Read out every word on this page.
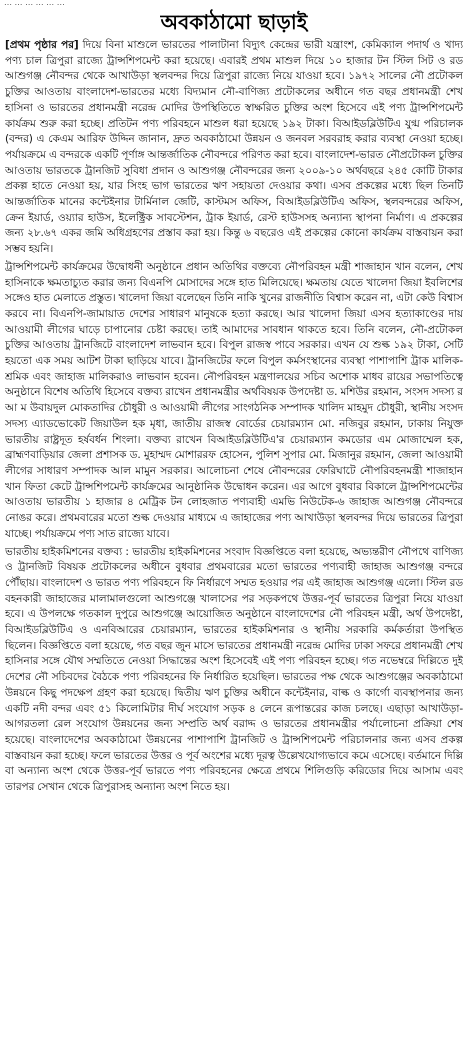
… … … … … …
অবকাঠামো ছাড়াই

[প্রথম পৃষ্ঠার পর] দিয়ে বিনা মাশুলে ভারতের পালাটানা বিদ্যুৎ কেন্দ্রের ভারী যন্ত্রাংশ, কেমিক্যাল পদার্থ ও খাদ্য পণ্য চাল ত্রিপুরা রাজ্যে ট্রান্সশিপমেন্ট করা হয়েছে। এবারই প্রথম মাশুল দিয়ে ১০ হাজার টন স্টিল সিট ও রড আশুগঞ্জ নৌবন্দর থেকে আখাউড়া স্থলবন্দর দিয়ে ত্রিপুরা রাজ্যে নিয়ে যাওয়া হবে। ১৯৭২ সালের নৌ প্রটোকল চুক্তির আওতায় বাংলাদেশ-ভারতের মধ্যে বিদ্যমান নৌ-বাণিজ্য প্রটোকলের অধীনে গত বছর প্রধানমন্ত্রী শেখ হাসিনা ও ভারতের প্রধানমন্ত্রী নরেন্দ্র মোদির উপস্থিতিতে স্বাক্ষরিত চুক্তির অংশ হিসেবে এই পণ্য ট্রান্সশিপমেন্ট কার্যক্রম শুরু করা হচ্ছে। প্রতিটন পণ্য পরিবহনে মাশুল ধরা হয়েছে ১৯২ টাকা। বিআইডব্লিউটিএ যুগ্ম পরিচালক (বন্দর) এ কেএম আরিফ উদ্দিন জানান, দ্রুত অবকাঠামো উন্নয়ন ও জনবল সরবরাহ করার ব্যবস্থা নেওয়া হচ্ছে। পর্যায়ক্রমে এ বন্দরকে একটি পূর্ণাঙ্গ আন্তর্জাতিক নৌবন্দরে পরিণত করা হবে। বাংলাদেশ-ভারত নৌপ্রটোকল চুক্তির আওতায় ভারতকে ট্রানজিট সুবিধা প্রদান ও আশুগঞ্জ নৌবন্দরের জন্য ২০০৯-১০ অর্থবছরে ২৪৫ কোটি টাকার প্রকল্প হাতে নেওয়া হয়, যার সিংহ ভাগ ভারতের ঋণ সহায়তা দেওয়ার কথা। এসব প্রকল্পের মধ্যে ছিল তিনটি আন্তর্জাতিক মানের কন্টেইনার টার্মিনাল জেটি, কাস্টমস অফিস, বিআইডব্লিউটিএ অফিস, স্থলবন্দরের অফিস, ক্রেন ইয়ার্ড, ওয়্যার হাউস, ইলেক্ট্রিক সাবস্টেশন, ট্রাক ইয়ার্ড, রেস্ট হাউসসহ অন্যান্য স্থাপনা নির্মাণ। এ প্রকল্পের জন্য ২৮.৬৭ একর জমি অধিগ্রহণের প্রস্তাব করা হয়। কিন্তু ৬ বছরেও এই প্রকল্পের কোনো কার্যক্রম বাস্তবায়ন করা সম্ভব হয়নি।

ট্রান্সশিপমেন্ট কার্যক্রমের উদ্বোধনী অনুষ্ঠানে প্রধান অতিথির বক্তব্যে নৌপরিবহন মন্ত্রী শাজাহান খান বলেন, শেখ হাসিনাকে ক্ষমতাচ্যুত করার জন্য বিএনপি মোসাদের সঙ্গে হাত মিলিয়েছে। ক্ষমতায় যেতে খালেদা জিয়া ইবলিশের সঙ্গেও হাত মেলাতে প্রস্তুত। খালেদা জিয়া বলেছেন তিনি নাকি খুনের রাজনীতি বিশ্বাস করেন না, এটা কেউ বিশ্বাস করবে না। বিএনপি-জামায়াত দেশের সাধারণ মানুষকে হত্যা করছে। আর খালেদা জিয়া এসব হত্যাকাণ্ডের দায় আওয়ামী লীগের ঘাড়ে চাপানোর চেষ্টা করছে। তাই আমাদের সাবধান থাকতে হবে। তিনি বলেন, নৌ-প্রটোকল চুক্তির আওতায় ট্রানজিটে বাংলাদেশ লাভবান হবে। বিপুল রাজস্ব পাবে সরকার। এখন যে শুল্ক ১৯২ টাকা, সেটি হয়তো এক সময় আটশ টাকা ছাড়িয়ে যাবে। ট্রানজিটের ফলে বিপুল কর্মসংস্থানের ব্যবস্থা পাশাপাশি ট্রাক মালিক-শ্রমিক এবং জাহাজ মালিকরাও লাভবান হবেন। নৌপরিবহন মন্ত্রণালয়ের সচিব অশোক মাধব রায়ের সভাপতিত্বে অনুষ্ঠানে বিশেষ অতিথি হিসেবে বক্তব্য রাখেন প্রধানমন্ত্রীর অর্থবিষয়ক উপদেষ্টা ড. মশিউর রহমান, সংসদ সদস্য র আ ম উবায়দুল মোকতাদির চৌধুরী ও আওয়ামী লীগের সাংগঠনিক সম্পাদক খালিদ মাহমুদ চৌধুরী, স্থানীয় সংসদ সদস্য এ্যাডভোকেট জিয়াউল হক মৃধা, জাতীয় রাজস্ব বোর্ডের চেয়ারম্যান মো. নজিবুর রহমান, ঢাকায় নিযুক্ত ভারতীয় রাষ্ট্রদূত হর্ষবর্ধন শিংলা। বক্তব্য রাখেন বিআইডব্লিউটিএ'র চেয়ারম্যান কমডোর এম মোজাম্মেল হক, ব্রাহ্মণবাড়িয়ার জেলা প্রশাসক ড. মুহাম্মদ মোশাররফ হোসেন, পুলিশ সুপার মো. মিজানুর রহমান, জেলা আওয়ামী লীগের সাধারণ সম্পাদক আল মামুন সরকার। আলোচনা শেষে নৌবন্দরের ফেরিঘাটে নৌপরিবহনমন্ত্রী শাজাহান খান ফিতা কেটে ট্রান্সশিপমেন্ট কার্যক্রমের আনুষ্ঠানিক উদ্বোধন করেন। এর আগে বুধবার বিকালে ট্রান্সশিপমেন্টের আওতায় ভারতীয় ১ হাজার ৪ মেট্রিক টন লোহজাত পণ্যবাহী এমভি নিউটেক-৬ জাহাজ আশুগঞ্জ নৌবন্দরে নোঙর করে। প্রথমবারের মতো শুল্ক দেওয়ার মাধ্যমে এ জাহাজের পণ্য আখাউড়া স্থলবন্দর দিয়ে ভারতের ত্রিপুরা যাচ্ছে। পর্যায়ক্রমে পণ্য সাত রাজ্যে যাবে।

ভারতীয় হাইকমিশনের বক্তব্য : ভারতীয় হাইকমিশনের সংবাদ বিজ্ঞপ্তিতে বলা হয়েছে, অভ্যন্তরীণ নৌপথে বাণিজ্য ও ট্রানজিট বিষয়ক প্রটোকলের অধীনে বুধবার প্রথমবারের মতো ভারতের পণ্যবাহী জাহাজ আশুগঞ্জ বন্দরে পৌঁছায়। বাংলাদেশ ও ভারত পণ্য পরিবহনে ফি নির্ধারণে সম্মত হওয়ার পর এই জাহাজ আশুগঞ্জ এলো। স্টিল রড বহনকারী জাহাজের মালামালগুলো আশুগঞ্জে খালাসের পর সড়কপথে উত্তর-পূর্ব ভারতের ত্রিপুরা নিয়ে যাওয়া হবে। এ উপলক্ষে গতকাল দুপুরে আশুগঞ্জে আয়োজিত অনুষ্ঠানে বাংলাদেশের নৌ পরিবহন মন্ত্রী, অর্থ উপদেষ্টা, বিআইডব্লিউটিএ ও এনবিআরের চেয়ারম্যান, ভারতের হাইকমিশনার ও স্থানীয় সরকারি কর্মকর্তারা উপস্থিত ছিলেন। বিজ্ঞপ্তিতে বলা হয়েছে, গত বছর জুন মাসে ভারতের প্রধানমন্ত্রী নরেন্দ্র মোদির ঢাকা সফরে প্রধানমন্ত্রী শেখ হাসিনার সঙ্গে যৌথ সম্মতিতে নেওয়া সিদ্ধান্তের অংশ হিসেবেই এই পণ্য পরিবহন হচ্ছে। গত নভেম্বরে দিল্লিতে দুই দেশের নৌ সচিবদের বৈঠকে পণ্য পরিবহনের ফি নির্ধারিত হয়েছিল। ভারতের পক্ষ থেকে আশুগঞ্জের অবকাঠামো উন্নয়নে কিছু পদক্ষেপ গ্রহণ করা হয়েছে। দ্বিতীয় ঋণ চুক্তির অধীনে কন্টেইনার, বাল্ক ও কার্গো ব্যবস্থাপনার জন্য একটি নদী বন্দর এবং ৫১ কিলোমিটার দীর্ঘ সংযোগ সড়ক ৪ লেনে রূপান্তরের কাজ চলছে। এছাড়া আখাউড়া-আগরতলা রেল সংযোগ উন্নয়নের জন্য সম্প্রতি অর্থ বরাদ্দ ও ভারতের প্রধানমন্ত্রীর পর্যালোচনা প্রক্রিয়া শেষ হয়েছে। বাংলাদেশের অবকাঠামো উন্নয়নের পাশাপাশি ট্রানজিট ও ট্রান্সশিপমেন্ট পরিচালনার জন্য এসব প্রকল্প বাস্তবায়ন করা হচ্ছে। ফলে ভারতের উত্তর ও পূর্ব অংশের মধ্যে দূরত্ব উল্লেখযোগ্যভাবে কমে এসেছে। বর্তমানে দিল্লি বা অন্যান্য অংশ থেকে উত্তর-পূর্ব ভারতে পণ্য পরিবহনের ক্ষেত্রে প্রথমে শিলিগুড়ি করিডোর দিয়ে আসাম এবং তারপর সেখান থেকে ত্রিপুরাসহ অন্যান্য অংশ নিতে হয়।
